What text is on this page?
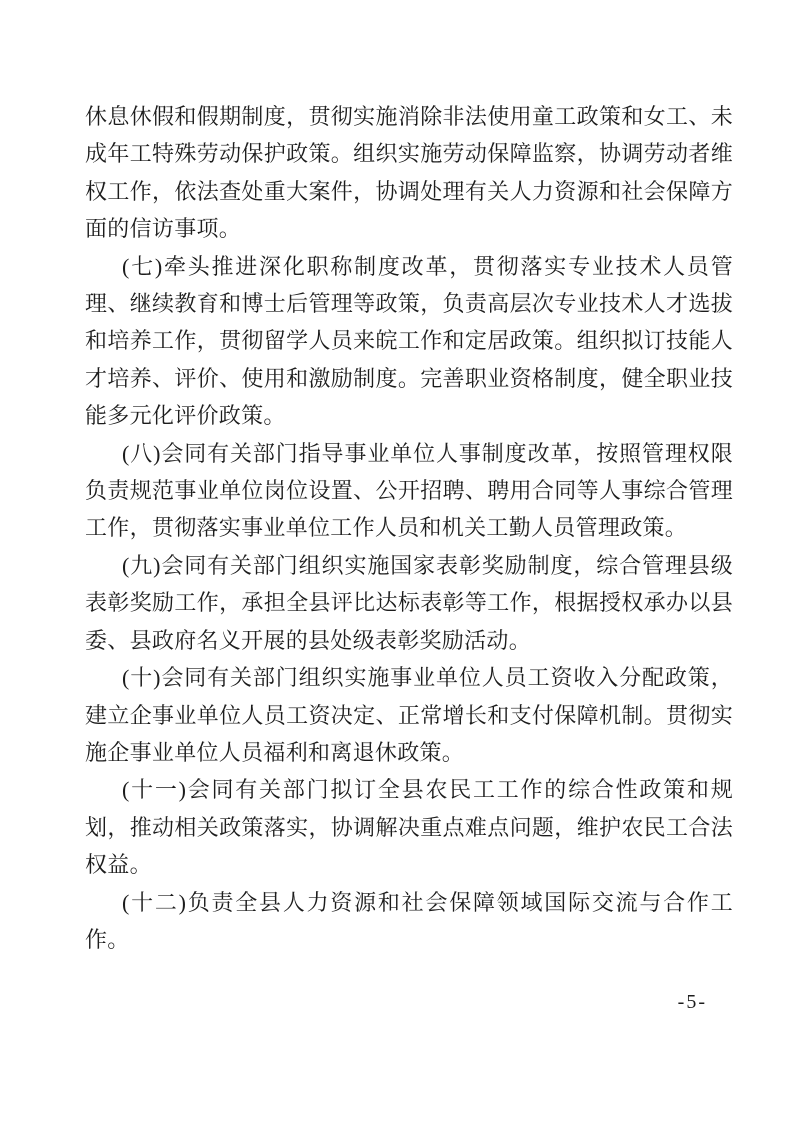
休息休假和假期制度，贯彻实施消除非法使用童工政策和女工、未成年工特殊劳动保护政策。组织实施劳动保障监察，协调劳动者维权工作，依法查处重大案件，协调处理有关人力资源和社会保障方面的信访事项。

(七)牵头推进深化职称制度改革，贯彻落实专业技术人员管理、继续教育和博士后管理等政策，负责高层次专业技术人才选拔和培养工作，贯彻留学人员来皖工作和定居政策。组织拟订技能人才培养、评价、使用和激励制度。完善职业资格制度，健全职业技能多元化评价政策。

(八)会同有关部门指导事业单位人事制度改革，按照管理权限负责规范事业单位岗位设置、公开招聘、聘用合同等人事综合管理工作，贯彻落实事业单位工作人员和机关工勤人员管理政策。

(九)会同有关部门组织实施国家表彰奖励制度，综合管理县级表彰奖励工作，承担全县评比达标表彰等工作，根据授权承办以县委、县政府名义开展的县处级表彰奖励活动。

(十)会同有关部门组织实施事业单位人员工资收入分配政策，建立企事业单位人员工资决定、正常增长和支付保障机制。贯彻实施企事业单位人员福利和离退休政策。

(十一)会同有关部门拟订全县农民工工作的综合性政策和规划，推动相关政策落实，协调解决重点难点问题，维护农民工合法权益。

(十二)负责全县人力资源和社会保障领域国际交流与合作工作。

-5-
